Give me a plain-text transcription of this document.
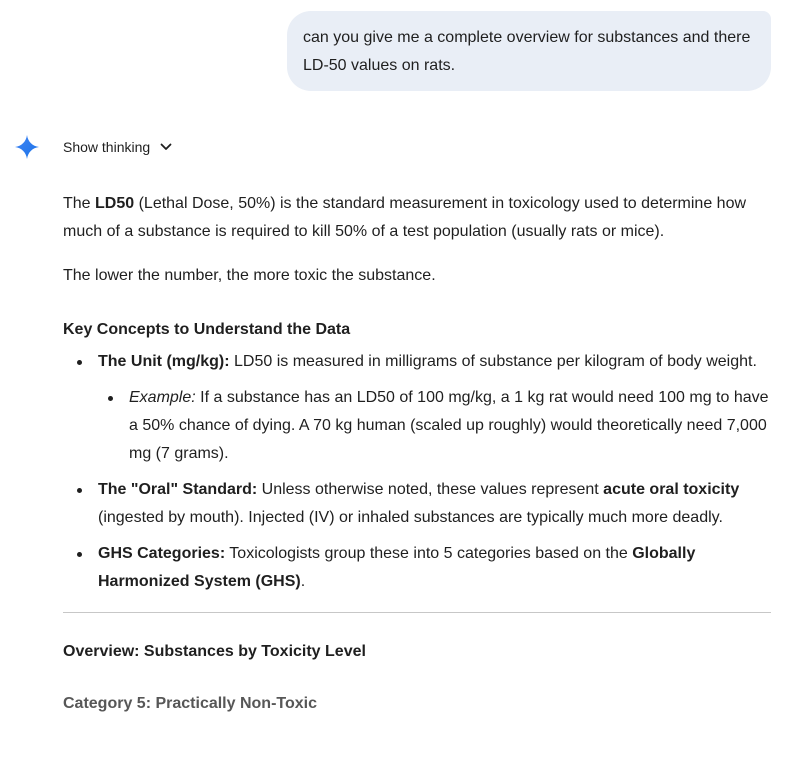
can you give me a complete overview for substances and there LD-50 values on rats.
Show thinking

The LD50 (Lethal Dose, 50%) is the standard measurement in toxicology used to determine how much of a substance is required to kill 50% of a test population (usually rats or mice).

The lower the number, the more toxic the substance.

Key Concepts to Understand the Data
The Unit (mg/kg): LD50 is measured in milligrams of substance per kilogram of body weight.
Example: If a substance has an LD50 of 100 mg/kg, a 1 kg rat would need 100 mg to have a 50% chance of dying. A 70 kg human (scaled up roughly) would theoretically need 7,000 mg (7 grams).
The "Oral" Standard: Unless otherwise noted, these values represent acute oral toxicity (ingested by mouth). Injected (IV) or inhaled substances are typically much more deadly.
GHS Categories: Toxicologists group these into 5 categories based on the Globally Harmonized System (GHS).
Overview: Substances by Toxicity Level
Category 5: Practically Non-Toxic
